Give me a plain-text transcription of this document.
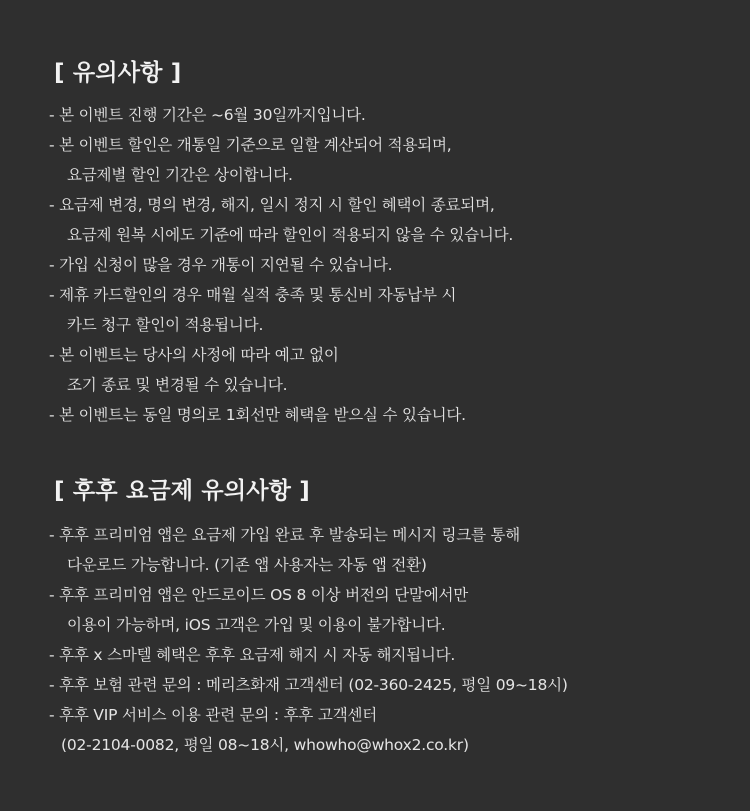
[ 유의사항 ]
- 본 이벤트 진행 기간은 ~6월 30일까지입니다.
- 본 이벤트 할인은 개통일 기준으로 일할 계산되어 적용되며,
요금제별 할인 기간은 상이합니다.
- 요금제 변경, 명의 변경, 해지, 일시 정지 시 할인 혜택이 종료되며,
요금제 원복 시에도 기준에 따라 할인이 적용되지 않을 수 있습니다.
- 가입 신청이 많을 경우 개통이 지연될 수 있습니다.
- 제휴 카드할인의 경우 매월 실적 충족 및 통신비 자동납부 시
카드 청구 할인이 적용됩니다.
- 본 이벤트는 당사의 사정에 따라 예고 없이
조기 종료 및 변경될 수 있습니다.
- 본 이벤트는 동일 명의로 1회선만 혜택을 받으실 수 있습니다.
[ 후후 요금제 유의사항 ]
- 후후 프리미엄 앱은 요금제 가입 완료 후 발송되는 메시지 링크를 통해
다운로드 가능합니다. (기존 앱 사용자는 자동 앱 전환)
- 후후 프리미엄 앱은 안드로이드 OS 8 이상 버전의 단말에서만
이용이 가능하며, iOS 고객은 가입 및 이용이 불가합니다.
- 후후 x 스마텔 혜택은 후후 요금제 해지 시 자동 해지됩니다.
- 후후 보험 관련 문의 : 메리츠화재 고객센터 (02-360-2425, 평일 09~18시)
- 후후 VIP 서비스 이용 관련 문의 : 후후 고객센터
(02-2104-0082, 평일 08~18시, whowho@whox2.co.kr)
